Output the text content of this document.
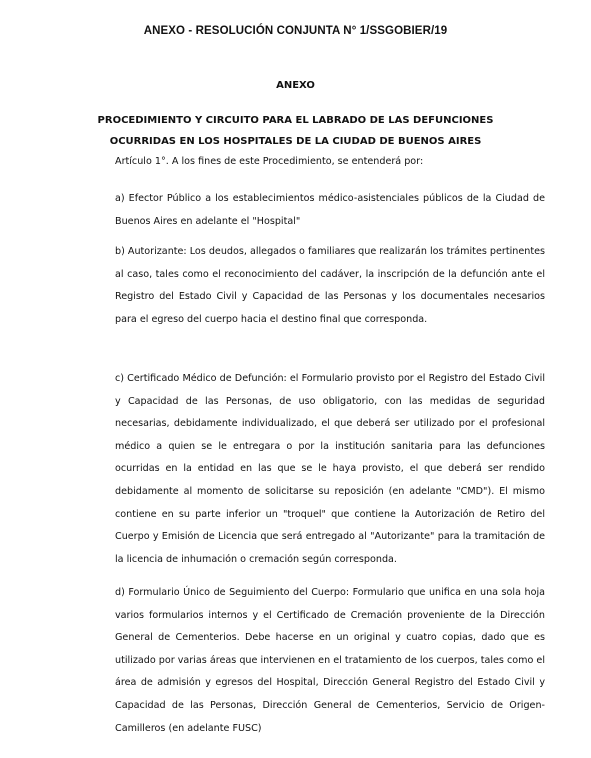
ANEXO - RESOLUCIÓN CONJUNTA N° 1/SSGOBIER/19
ANEXO
PROCEDIMIENTO Y CIRCUITO PARA EL LABRADO DE LAS DEFUNCIONES
OCURRIDAS EN LOS HOSPITALES DE LA CIUDAD DE BUENOS AIRES

Artículo 1°. A los fines de este Procedimiento, se entenderá por:

a) Efector Público a los establecimientos médico-asistenciales públicos de la Ciudad de Buenos Aires en adelante el "Hospital"

b) Autorizante: Los deudos, allegados o familiares que realizarán los trámites pertinentes al caso, tales como el reconocimiento del cadáver, la inscripción de la defunción ante el Registro del Estado Civil y Capacidad de las Personas y los documentales necesarios para el egreso del cuerpo hacia el destino final que corresponda.

c) Certificado Médico de Defunción: el Formulario provisto por el Registro del Estado Civil y Capacidad de las Personas, de uso obligatorio, con las medidas de seguridad necesarias, debidamente individualizado, el que deberá ser utilizado por el profesional médico a quien se le entregara o por la institución sanitaria para las defunciones ocurridas en la entidad en las que se le haya provisto, el que deberá ser rendido debidamente al momento de solicitarse su reposición (en adelante "CMD"). El mismo contiene en su parte inferior un "troquel" que contiene la Autorización de Retiro del Cuerpo y Emisión de Licencia que será entregado al "Autorizante" para la tramitación de la licencia de inhumación o cremación según corresponda.

d) Formulario Único de Seguimiento del Cuerpo: Formulario que unifica en una sola hoja varios formularios internos y el Certificado de Cremación proveniente de la Dirección General de Cementerios. Debe hacerse en un original y cuatro copias, dado que es utilizado por varias áreas que intervienen en el tratamiento de los cuerpos, tales como el área de admisión y egresos del Hospital, Dirección General Registro del Estado Civil y Capacidad de las Personas, Dirección General de Cementerios, Servicio de Origen- Camilleros (en adelante FUSC)
